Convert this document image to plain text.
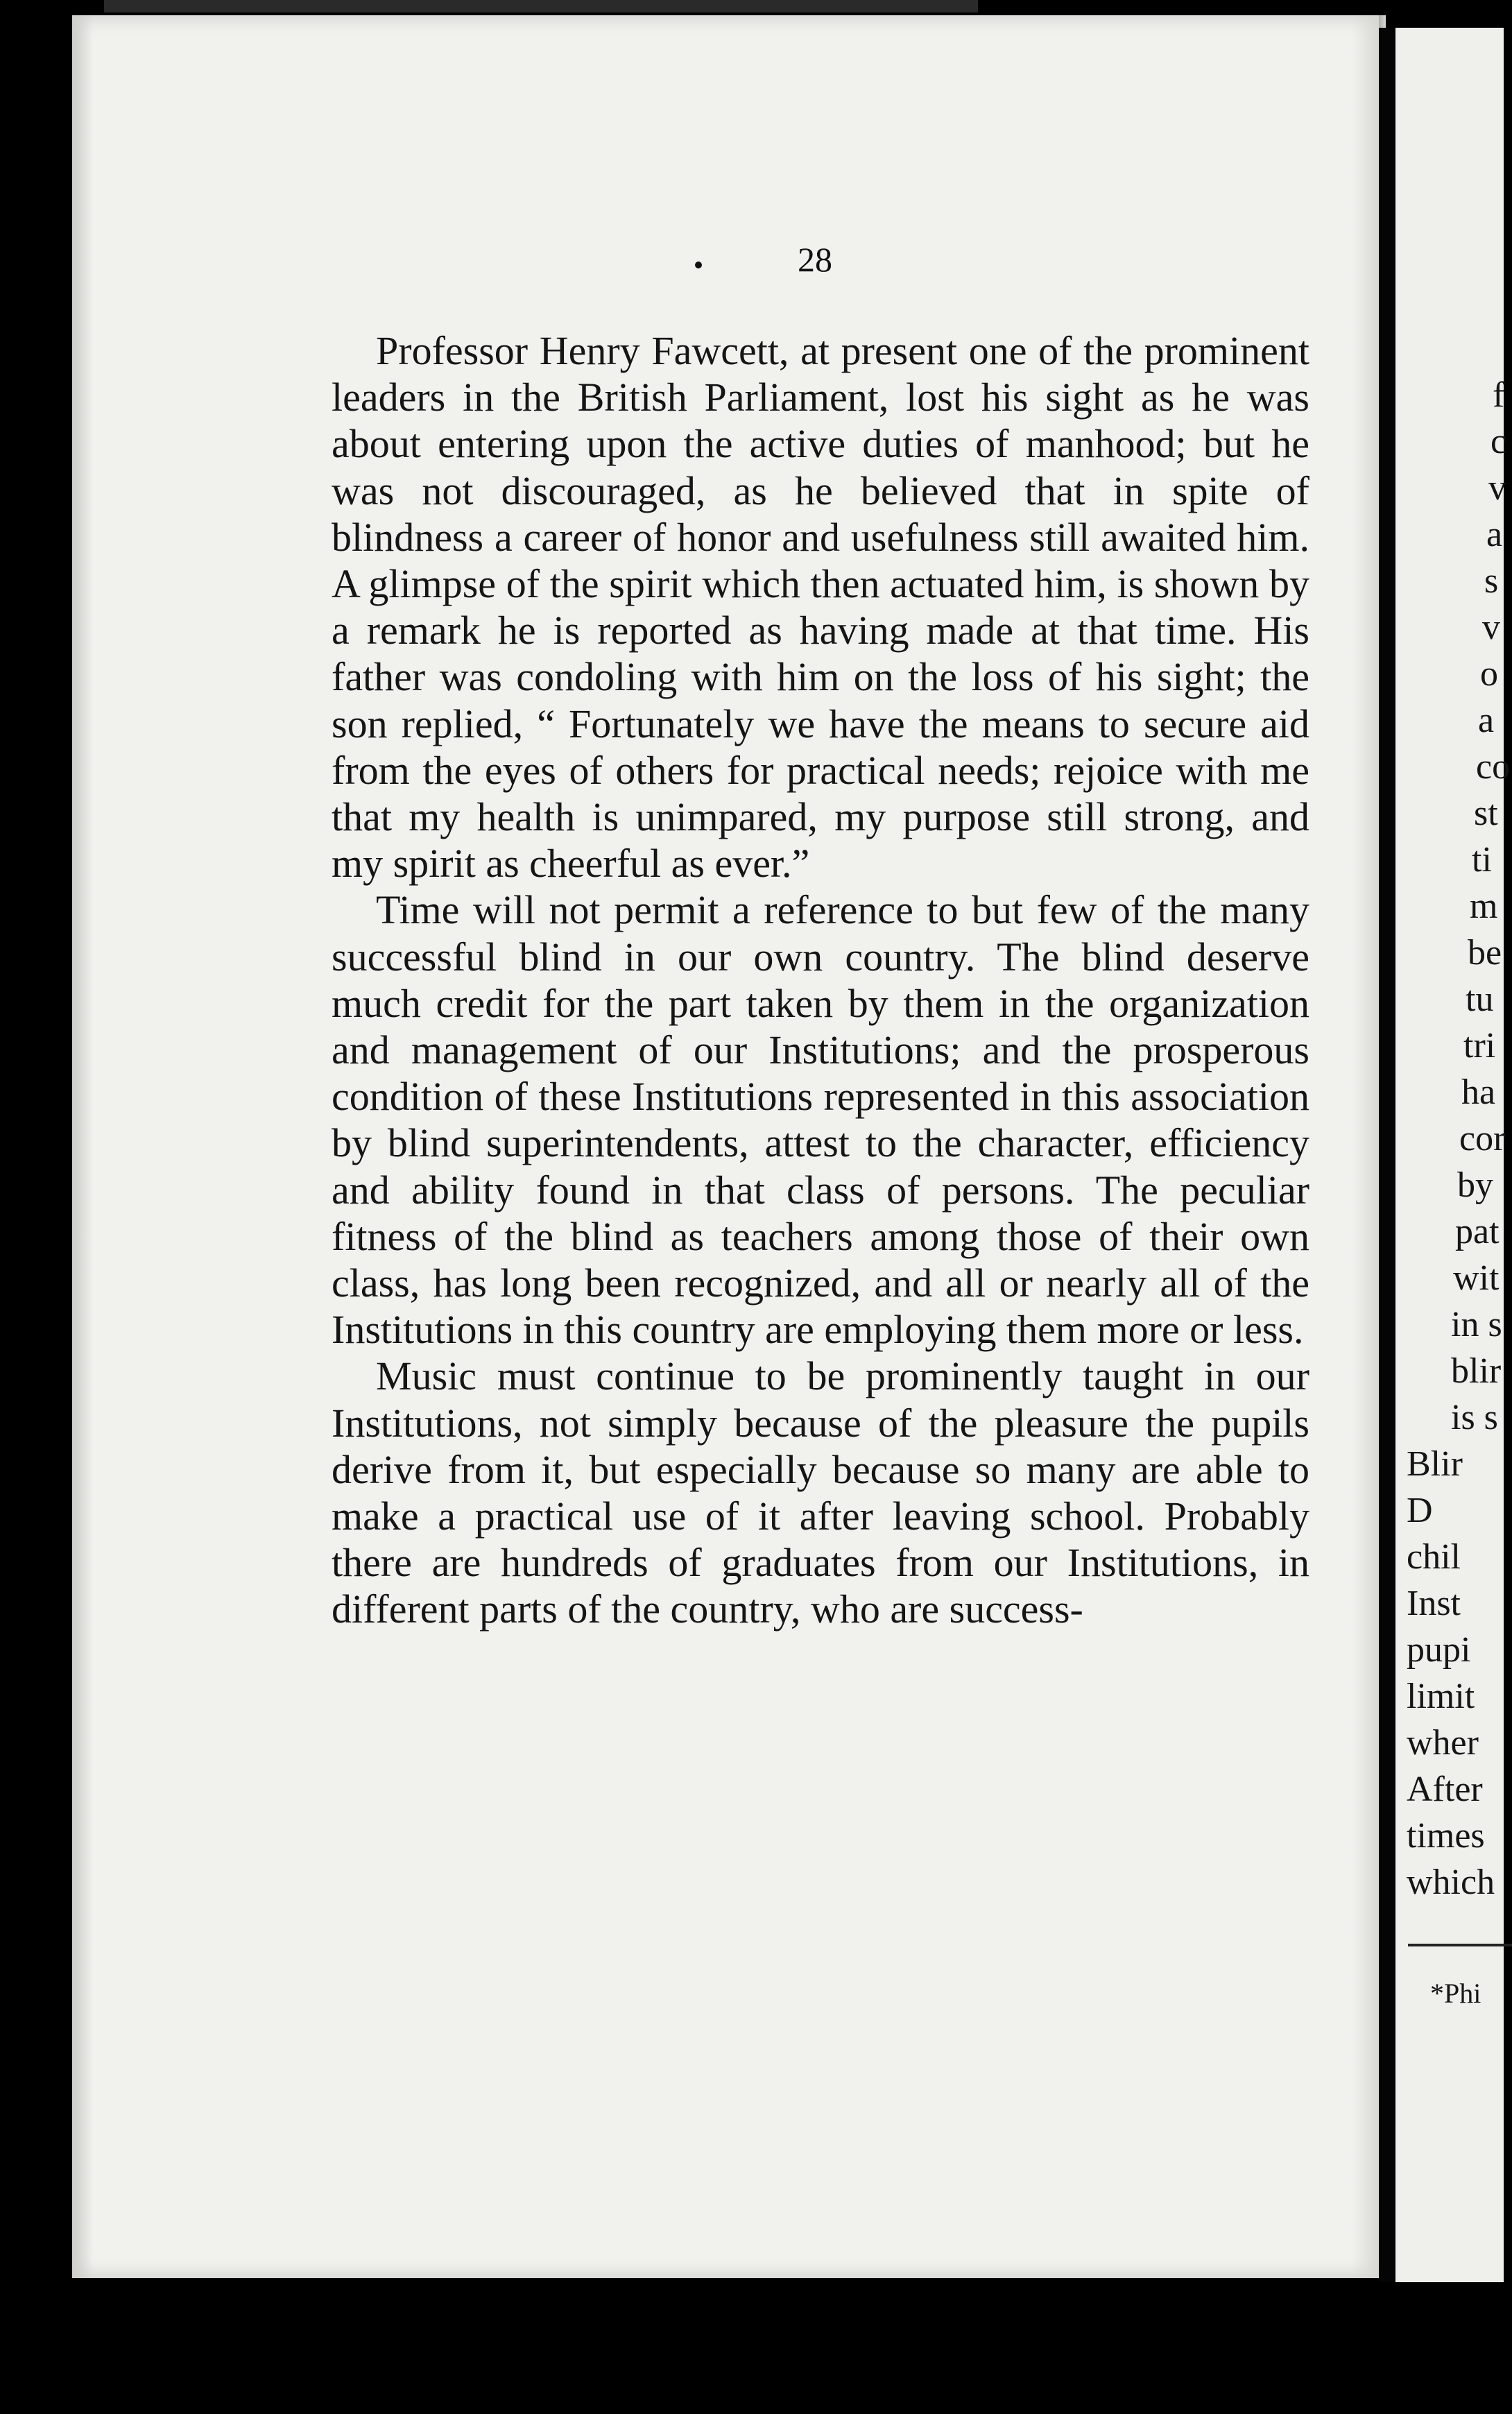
28

Professor Henry Fawcett, at present one of the prominent leaders in the British Parliament, lost his sight as he was about entering upon the active duties of manhood; but he was not discouraged, as he believed that in spite of blindness a career of honor and usefulness still awaited him. A glimpse of the spirit which then actuated him, is shown by a remark he is reported as having made at that time. His father was condoling with him on the loss of his sight; the son replied, “ Fortunately we have the means to secure aid from the eyes of others for practical needs; rejoice with me that my health is unimpared, my purpose still strong, and my spirit as cheerful as ever.”

Time will not permit a reference to but few of the many successful blind in our own country. The blind deserve much credit for the part taken by them in the organization and management of our Institutions; and the prosperous condition of these Institutions represented in this association by blind superintendents, attest to the character, efficiency and ability found in that class of persons. The peculiar fitness of the blind as teachers among those of their own class, has long been recognized, and all or nearly all of the Institutions in this country are employing them more or less.

Music must continue to be prominently taught in our Institutions, not simply because of the pleasure the pupils derive from it, but especially because so many are able to make a practical use of it after leaving school. Probably there are hundreds of graduates from our Institutions, in different parts of the country, who are success-

f
c
v
a
s
v
o
a
co
st
ti
m
be
tu
tri
ha
cor
by
pat
wit
in s
blir
is s
Blir
D
chil
Inst
pupi
limit
wher
After
times
which
*Phi
